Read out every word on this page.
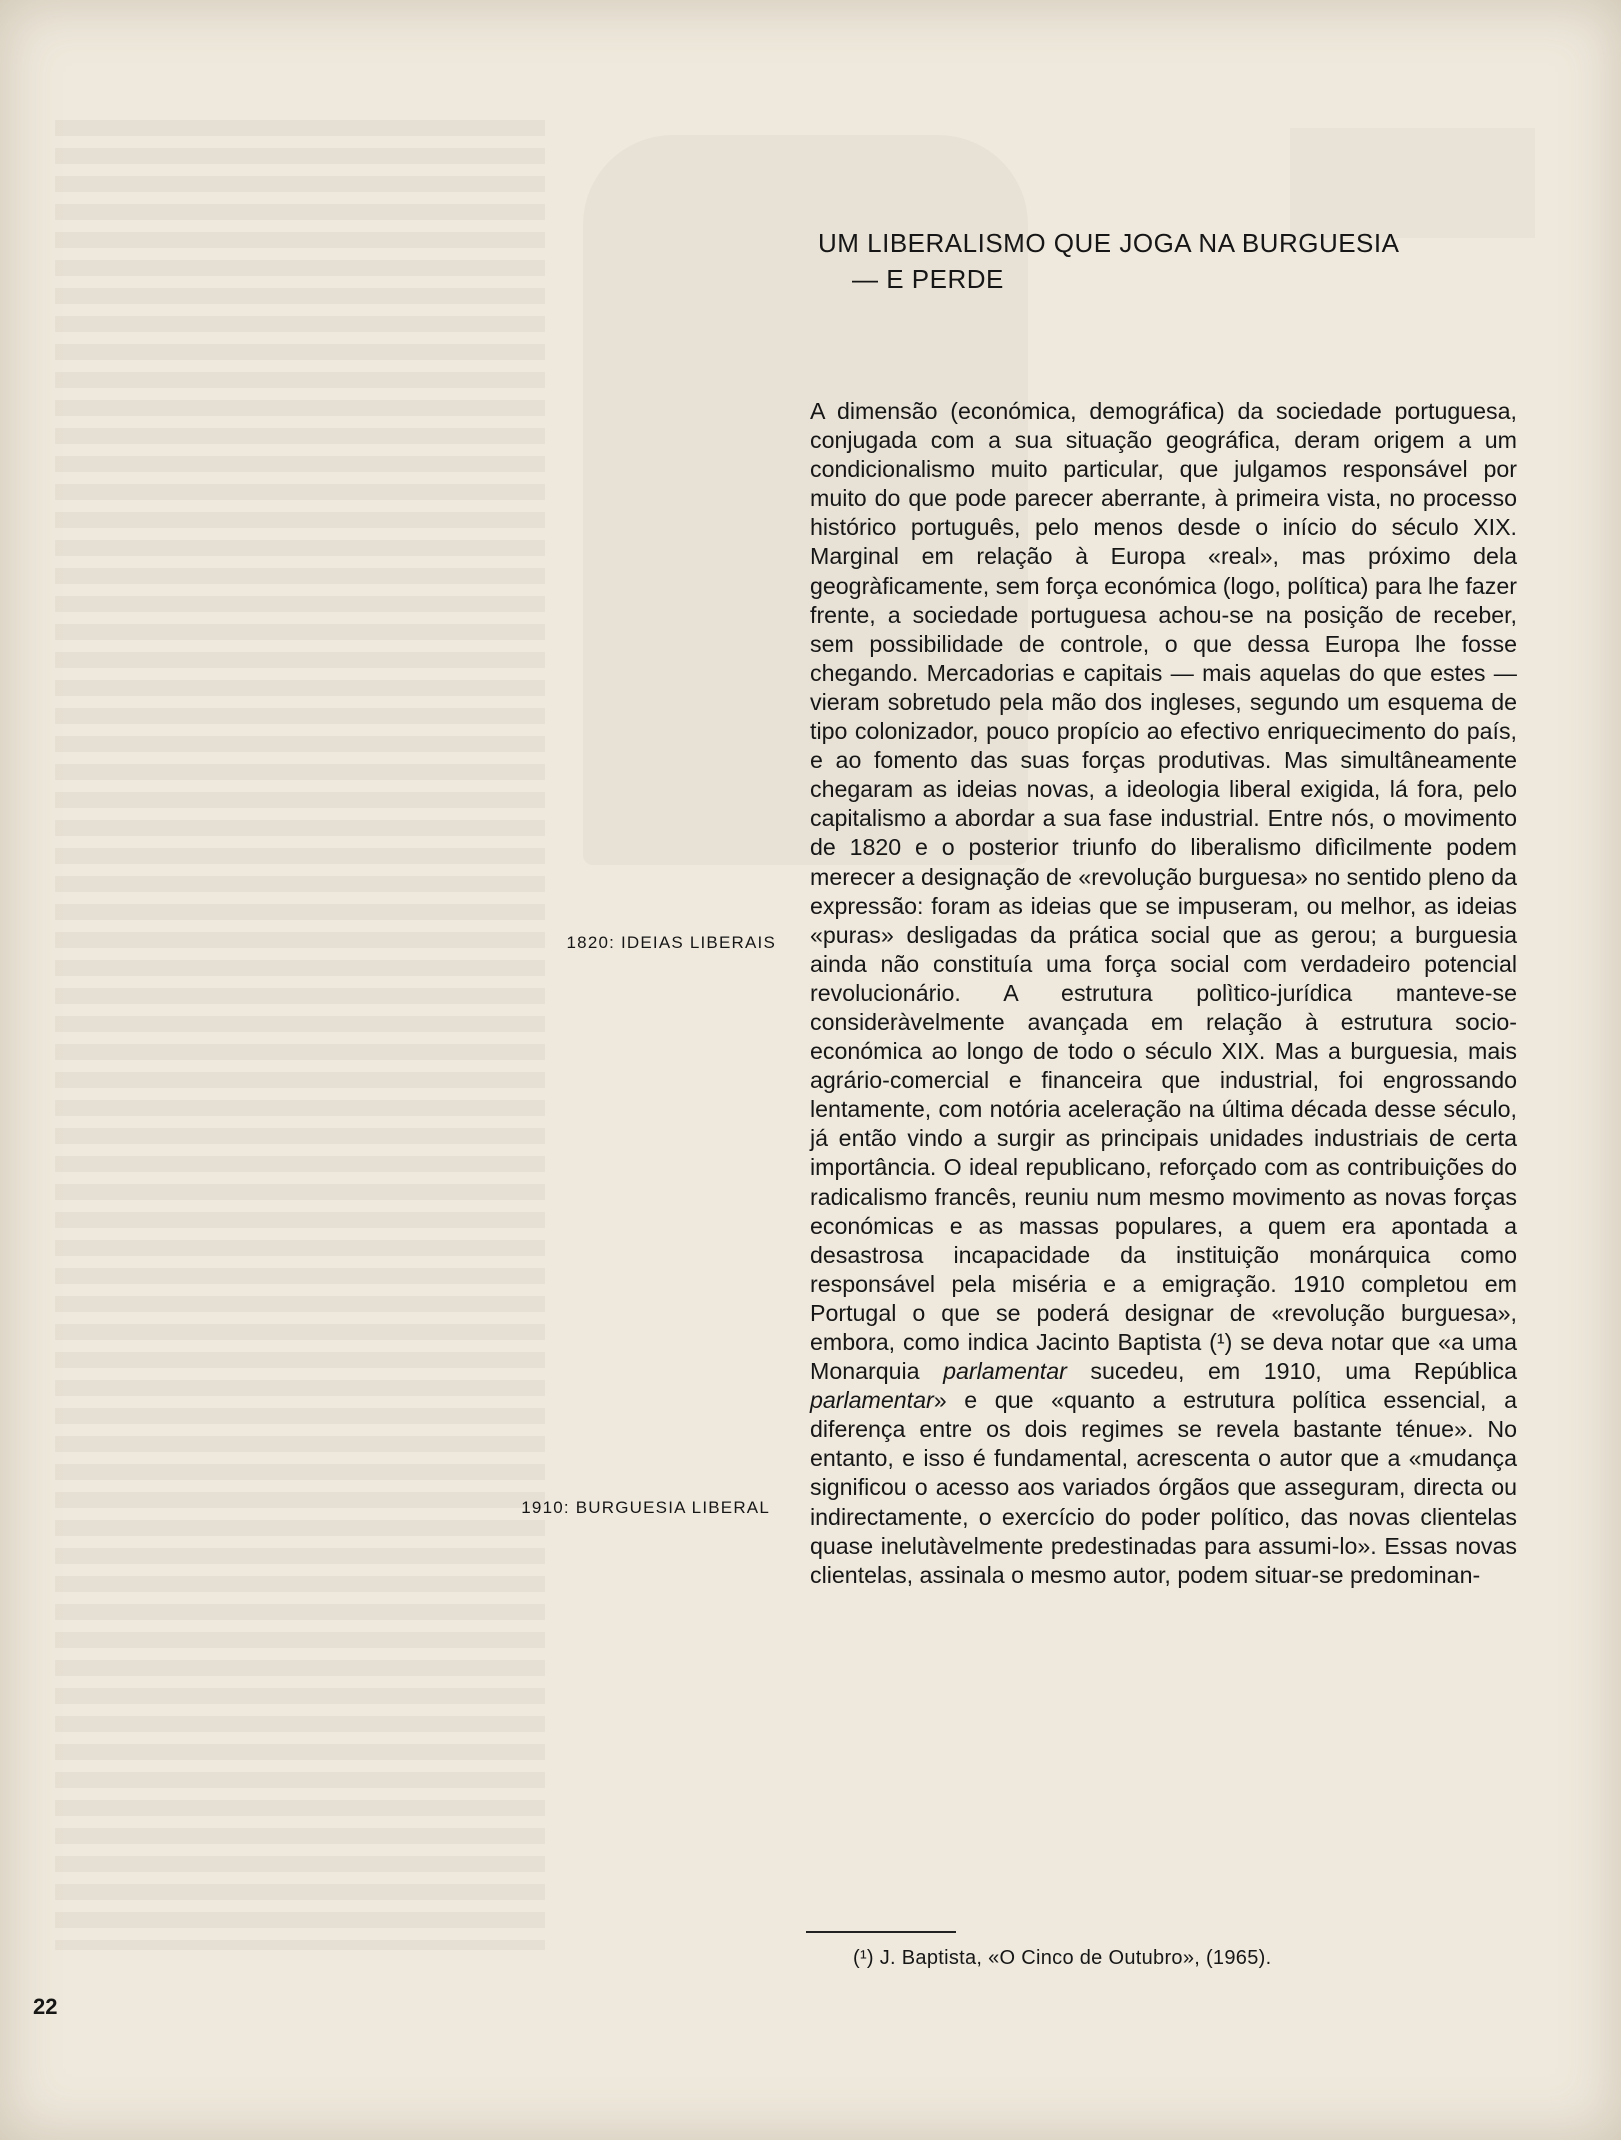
UM LIBERALISMO QUE JOGA NA BURGUESIA
— E PERDE

A dimensão (económica, demográfica) da sociedade portuguesa, conjugada com a sua situação geográfica, deram origem a um condicionalismo muito particular, que julgamos responsável por muito do que pode parecer aberrante, à primeira vista, no processo histórico português, pelo menos desde o início do século XIX. Marginal em relação à Europa «real», mas próximo dela geogràficamente, sem força económica (logo, política) para lhe fazer frente, a sociedade portuguesa achou-se na posição de receber, sem possibilidade de controle, o que dessa Europa lhe fosse chegando. Mercadorias e capitais — mais aquelas do que estes — vieram sobretudo pela mão dos ingleses, segundo um esquema de tipo colonizador, pouco propício ao efectivo enriquecimento do país, e ao fomento das suas forças produtivas. Mas simultâneamente chegaram as ideias novas, a ideologia liberal exigida, lá fora, pelo capitalismo a abordar a sua fase industrial. Entre nós, o movimento de 1820 e o posterior triunfo do liberalismo difìcilmente podem merecer a designação de «revolução burguesa» no sentido pleno da expressão: foram as ideias que se impuseram, ou melhor, as ideias «puras» desligadas da prática social que as gerou; a burguesia ainda não constituía uma força social com verdadeiro potencial revolucionário. A estrutura polìtico-jurídica manteve-se consideràvelmente avançada em relação à estrutura socio-económica ao longo de todo o século XIX. Mas a burguesia, mais agrário-comercial e financeira que industrial, foi engrossando lentamente, com notória aceleração na última década desse século, já então vindo a surgir as principais unidades industriais de certa importância. O ideal republicano, reforçado com as contribuições do radicalismo francês, reuniu num mesmo movimento as novas forças económicas e as massas populares, a quem era apontada a desastrosa incapacidade da instituição monárquica como responsável pela miséria e a emigração. 1910 completou em Portugal o que se poderá designar de «revolução burguesa», embora, como indica Jacinto Baptista (¹) se deva notar que «a uma Monarquia parlamentar sucedeu, em 1910, uma República parlamentar» e que «quanto a estrutura política essencial, a diferença entre os dois regimes se revela bastante ténue». No entanto, e isso é fundamental, acrescenta o autor que a «mudança significou o acesso aos variados órgãos que asseguram, directa ou indirectamente, o exercício do poder político, das novas clientelas quase inelutàvelmente predestinadas para assumi-lo». Essas novas clientelas, assinala o mesmo autor, podem situar-se predominan-

1820: IDEIAS LIBERAIS
1910: BURGUESIA LIBERAL
(¹) J. Baptista, «O Cinco de Outubro», (1965).
22
